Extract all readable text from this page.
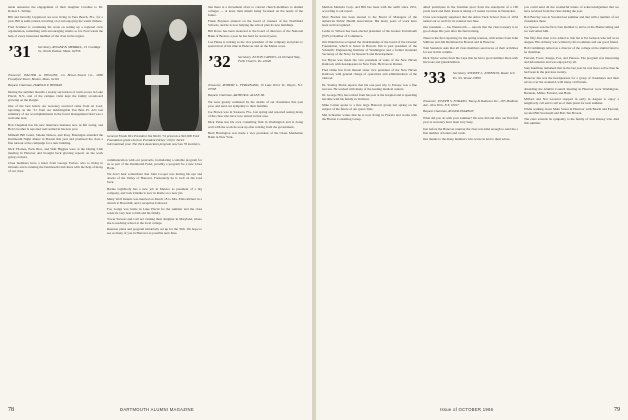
tende announce the engagement of their daughter Caroline to Dr. Robert L. Smiley.

Bill and Dorothy Lippincott are now living in Vero Beach, Fla., for a year. Bill is semi-retired, traveling a lot and enjoying the warm climate.

Fred Scribner is continuing his work on setting up a regional crew organization, something with encouraging results so far. Fred wants the help of every interested member of the class in the region.

’31 Secretary, ROGER B. MERRILL, 13 Coolidge St., North Easton, Mass. 02356

Treasurer, WALTER A. HIGGINS, c/o Brown-Tweed Co., 2860 Frankford Tower, Boston, Mass. 02116

Bequest Chairman, HAROLD P. HINMAN

During the summer months a steady succession of team scores in Lake Placid, N.Y., and of the campus visits kept the family scoreboard growing on the margin.

One of the best letters our secretary received came from Al Lord, reporting on the ’31 from our indefatigable Tau Beta Pi. Al’s last summary of our accomplishments in the forest management field was a welcome note.

Bob Chapman has his new insurance business now in full swing, and Bob’s brother is reported well settled in his new post.

Mimsell Bill Grant, Smoke Nelson, and Rosy Brannigan attended the Dartmouth Night dinner in Boston this year and promised the class a fine turnout at the campaign for a new building.

Dick Thomas, Peck Rice, and Walt Higgins were at the Outing Club meeting in Hanover and brought back glowing reports on the work going on there.

Class members have a letter from George Forbes, who is living in Orlando and is running the Dartmouth Club there with the help of many of our class.

General Foods Vice President Jim Worth ’31 presents a $10,000 Ford Foundation grant check to President Dickey ’29 for Tuck’s international year. The Tuck Associates program now has 70 members.

communication with our postcards, formulating a suitable program for us as part of the Dartmouth Fund, possibly a program for a new Class Book.

We don’t hear somewhere that John Cooper was having his ups and downs of the Valley of Hanover. Fortunately he is well on the road back.

Bernie Lightbody has a new job in Mexico as president of a big company, and Jack Zidelka is now in Rome on a new job.

Many Wolf Dennis was married on March 18 to Mrs. Edna Richert in a church at Haverhill, and a reception followed.

Foo Lodge was home in Lake Placid for the summer and the class sends its very best to him and his family.

Tower Stewart and Ceil are visiting their daughter in Maryland, where she is teaching school at the local college.

Reunion plans and program tentatively set up for the 35th. We hope to see as many of you in Hanover as possible next June.

that there is a movement afoot to convert church members to alumni colleges — at least, their minds being focussed on the needs of the future.

Frank Boynton entered on the board of trustees of the Northfield Schools, and he is now helping the school plan its new buildings.

Bill Rowe has been reelected to the board of directors of the National Bank of Boston, a post he has held for several years.

Lou Hesse is retiring as the vice president of the company and plans to spend most of his time in Hanover and on the Maine coast.

’32 Secretary, ELTON CAPINO, 24 Orchard Way, Falls Church, Va. 22046

Treasurer, ROBERT L. FERDINAND, 19 Lake Drive W., Wayne, N.J. 07583

Bequest Chairman, ARTHUR K. ALLEN JR.

We were greatly saddened by the deaths of our classmates this past year, and send our sympathy to their families.

Joe Brown was in Sarasota, Fla., last spring and reported seeing many of the class who have now retired in that area.

Dick Paine has his own consulting firm in Washington and is doing well with the work he took up after retiring from the government.

Herb Harrington was made a vice president of the Chase Manhattan Bank in New York.

78	DARTMOUTH ALUMNI MAGAZINE

Martian Marietta Corp. and Bill has been with the outfit since 1951, according to our report.

Mort Borden has been elected to the Board of Managers of the American Public Health Association. His many years of work have been well recognized.

Leslie O. Wilson has been elected president of the Greater Portsmouth (N.H.) Chamber of Commerce.

Jim Wakelin has accepted the chairmanship of the board of the Oceanic Foundation, which is based in Hawaii. Jim is past president of the Scientific Engineering Institute of Washington and a former Assistant Secretary of the Navy for Research and Development.

Joe Bryan was made the vice president of sales of the New Haven Railroad, with headquarters in New York. He lives in Darien.

Fred Orme has from mutual sister vice president of the New Haven Railroad, with general charge of operations and administration of the railroad.

Dr. Stanley Mohn reports that his one-year trip to Europe was a fine success. He worked with many of the leading medical centers.

Dr. George Hoy has retired from his post at the hospital and is spending his time with his family in Vermont.

Mike Cohen spoke to a fine large Hanover group last spring on the subject of the future of our great cities.

Mel Schreiber writes that he is now living in Florida and works with the Boston Consulting Group.

allied participate in the frontline sport from the standpoint of a 100 yards track and field. Rosie is taking a 3 weeks vacation in Nantucket.

Class was happily surprised that the Amos Tuck School class of 1934 turned out so well for its reunion last June.

Our president — Joe Wentworth — reports that the class treasury is in good shape this year after the fund raising.

There is the first reporting for the spring reunion, with letters from John Sullivan and Jim Richmond in Boston and in Hanover.

Tom Saunders asks that all class members send news of their activities for use in this column.

Dick Taylor writes from the Cape that he had a good summer there with his boats and grandchildren.

’33 Secretary, SYDNEY L. JOHNSON, Route 113, Ex. 93, Vestal 13850

Treasurer, JOSEPH S. FORANO, Young & Rubicam Inc., 285 Madison Ave., New York, N.Y. 10017

Bequest Chairman, ROGER PEARSON

What did you do with your summer? We sure did and after our first full year as secretary have been very busy.

Just before the Hanover reunion the class was kind enough to send me a fine number of letters and cards.

Our thanks to the many members who wrote in and to their wives.

you could send all the wonderful letters of acknowledgement that we have received from the class during the year.

Bob Barclay was in Sweden last summer and met with a number of our classmates there.

Joe Spence was the first class member to arrive at the Homecoming and we welcomed him.

The fifty-first man to be added to this list is Ed Jackson who left us in August. His obituary was written by his roommate and our good friend.

Bob Cummings retired as a director of the college at the alumni fund to be chairman.

Farrand, Foote, Knapp, Fox, and Pierson. The program was interesting and informative and was enjoyed by all.

Stan Kaufman remarked that in the last year he was more active than he had been in the previous twenty.

Hanover Inn was the headquarters for a group of classmates and their wives over the weekend, with many old friends.

Attending the Alumni Council meeting in Hanover were Washington, Brennan, Miller, Farrand, and Ham.

Milford and Nat Leonard stopped in early in August to enjoy a neighborly call and to tell us of their plans for next summer.

While walking down Main Street in Hanover with Baarle and Farrand, we met Bill Stockwell and Bob Ten Broeck.

The class extends its sympathy to the family of Jack Kinsey who died this summer.

Issue of OCTOBER 1966	79
